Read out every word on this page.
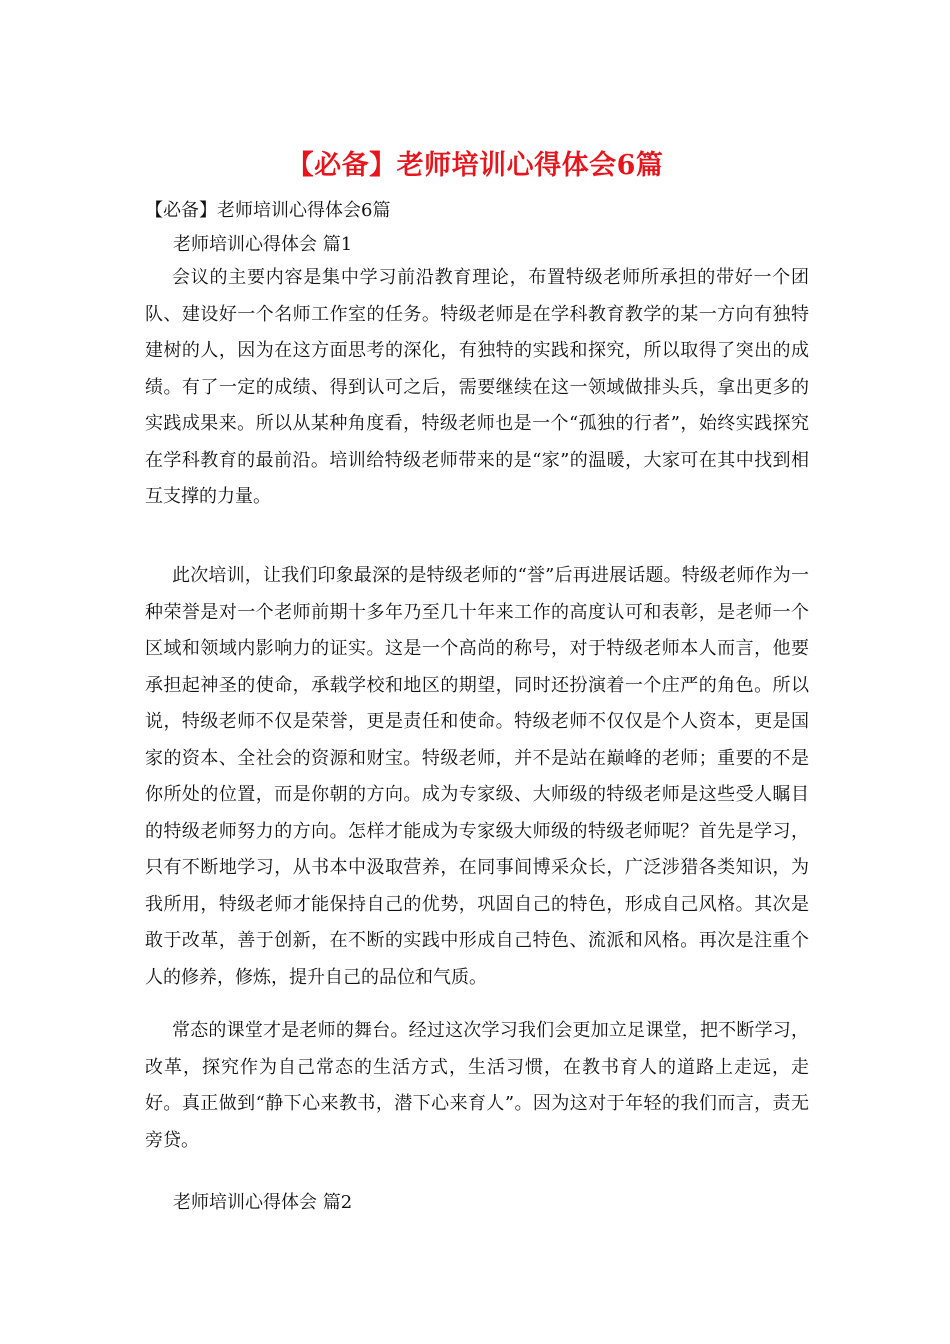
【必备】老师培训心得体会6篇
【必备】老师培训心得体会6篇
老师培训心得体会 篇1

会议的主要内容是集中学习前沿教育理论，布置特级老师所承担的带好一个团队、建设好一个名师工作室的任务。特级老师是在学科教育教学的某一方向有独特建树的人，因为在这方面思考的深化，有独特的实践和探究，所以取得了突出的成绩。有了一定的成绩、得到认可之后，需要继续在这一领域做排头兵，拿出更多的实践成果来。所以从某种角度看，特级老师也是一个“孤独的行者”，始终实践探究在学科教育的最前沿。培训给特级老师带来的是“家”的温暖，大家可在其中找到相互支撑的力量。

此次培训，让我们印象最深的是特级老师的“誉”后再进展话题。特级老师作为一种荣誉是对一个老师前期十多年乃至几十年来工作的高度认可和表彰，是老师一个区域和领域内影响力的证实。这是一个高尚的称号，对于特级老师本人而言，他要承担起神圣的使命，承载学校和地区的期望，同时还扮演着一个庄严的角色。所以说，特级老师不仅是荣誉，更是责任和使命。特级老师不仅仅是个人资本，更是国家的资本、全社会的资源和财宝。特级老师，并不是站在巅峰的老师；重要的不是你所处的位置，而是你朝的方向。成为专家级、大师级的特级老师是这些受人瞩目的特级老师努力的方向。怎样才能成为专家级大师级的特级老师呢？首先是学习，只有不断地学习，从书本中汲取营养，在同事间博采众长，广泛涉猎各类知识，为我所用，特级老师才能保持自己的优势，巩固自己的特色，形成自己风格。其次是敢于改革，善于创新，在不断的实践中形成自己特色、流派和风格。再次是注重个人的修养，修炼，提升自己的品位和气质。

常态的课堂才是老师的舞台。经过这次学习我们会更加立足课堂，把不断学习，改革，探究作为自己常态的生活方式，生活习惯，在教书育人的道路上走远，走好。真正做到“静下心来教书，潜下心来育人”。因为这对于年轻的我们而言，责无旁贷。

老师培训心得体会 篇2
